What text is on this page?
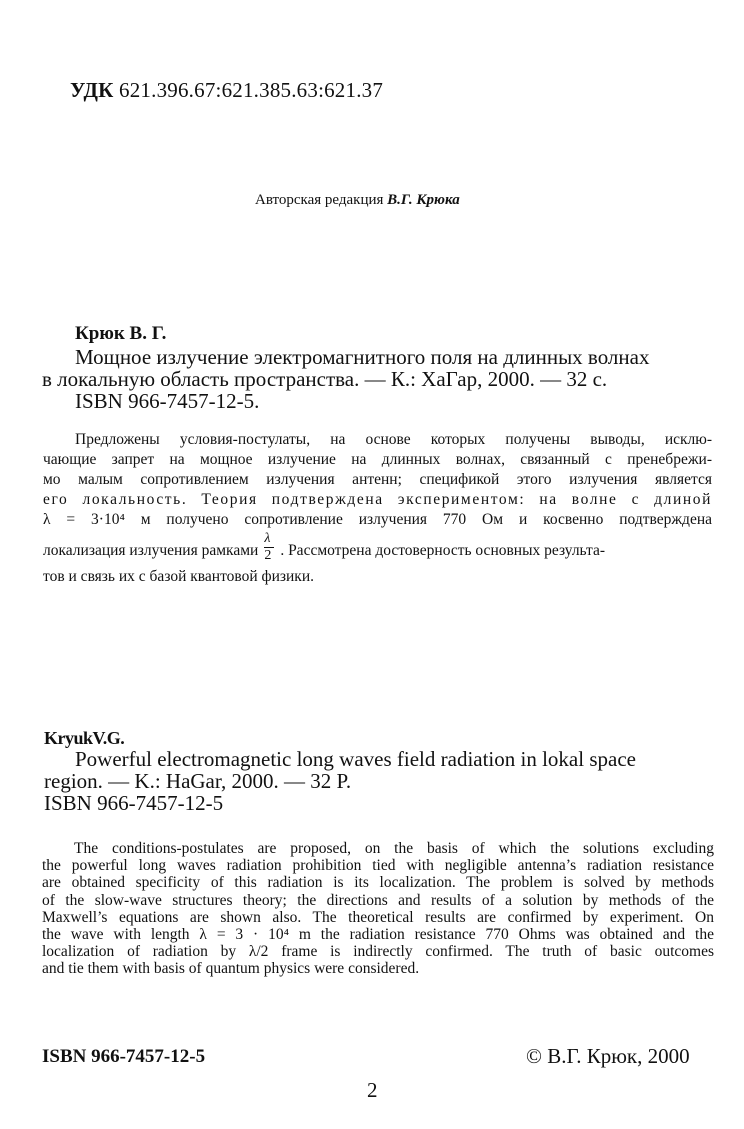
УДК 621.396.67:621.385.63:621.37
Авторская редакция В.Г. Крюка
Крюк В. Г.
Мощное излучение электромагнитного поля на длинных волнах
в локальную область пространства. — К.: ХаГар, 2000. — 32 с.
ISBN 966-7457-12-5.
Предложены условия-постулаты, на основе которых получены выводы, исклю-
чающие запрет на мощное излучение на длинных волнах, связанный с пренебрежи-
мо малым сопротивлением излучения антенн; спецификой этого излучения является
его локальность. Теория подтверждена экспериментом: на волне с длиной
λ = 3·10⁴ м получено сопротивление излучения 770 Ом и косвенно подтверждена
локализация излучения рамками $\frac{\lambda}{2}$ . Рассмотрена достоверность основных результа-
тов и связь их с базой квантовой физики.
KryukV.G.
Powerful electromagnetic long waves field radiation in lokal space
region. — K.: HaGar, 2000. — 32 P.
ISBN 966-7457-12-5
The conditions-postulates are proposed, on the basis of which the solutions excluding
the powerful long waves radiation prohibition tied with negligible antenna’s radiation resistance
are obtained specificity of this radiation is its localization. The problem is solved by methods
of the slow-wave structures theory; the directions and results of a solution by methods of the
Maxwell’s equations are shown also. The theoretical results are confirmed by experiment. On
the wave with length λ = 3 · 10⁴ m the radiation resistance 770 Ohms was obtained and the
localization of radiation by λ/2 frame is indirectly confirmed. The truth of basic outcomes
and tie them with basis of quantum physics were considered.
ISBN 966-7457-12-5	© В.Г. Крюк, 2000
2
